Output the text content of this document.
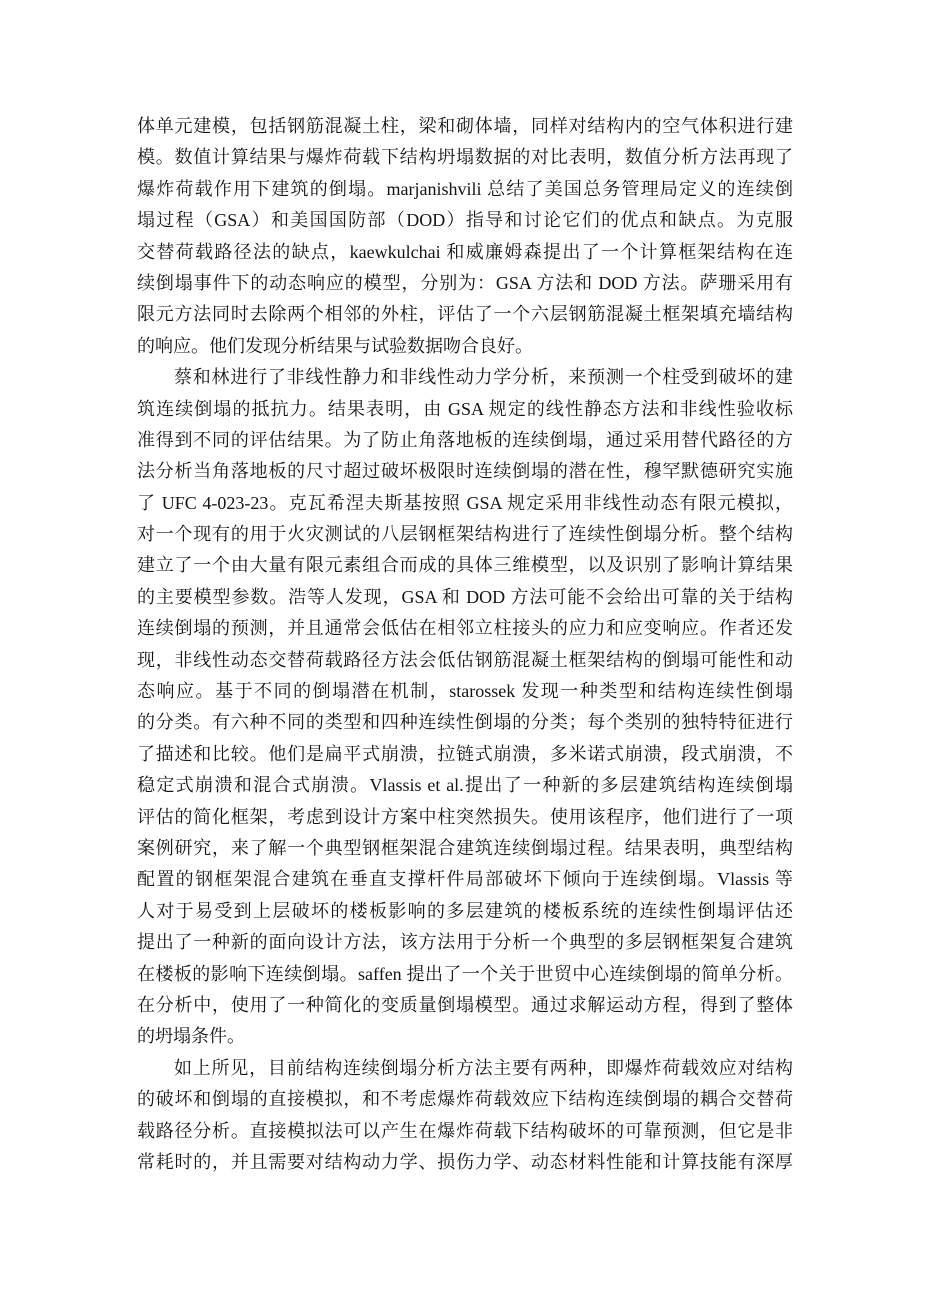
体单元建模，包括钢筋混凝土柱，梁和砌体墙，同样对结构内的空气体积进行建
模。数值计算结果与爆炸荷载下结构坍塌数据的对比表明，数值分析方法再现了
爆炸荷载作用下建筑的倒塌。marjanishvili 总结了美国总务管理局定义的连续倒
塌过程（GSA）和美国国防部（DOD）指导和讨论它们的优点和缺点。为克服
交替荷载路径法的缺点，kaewkulchai 和威廉姆森提出了一个计算框架结构在连
续倒塌事件下的动态响应的模型，分别为：GSA 方法和 DOD 方法。萨珊采用有
限元方法同时去除两个相邻的外柱，评估了一个六层钢筋混凝土框架填充墙结构
的响应。他们发现分析结果与试验数据吻合良好。
蔡和林进行了非线性静力和非线性动力学分析，来预测一个柱受到破坏的建
筑连续倒塌的抵抗力。结果表明，由 GSA 规定的线性静态方法和非线性验收标
准得到不同的评估结果。为了防止角落地板的连续倒塌，通过采用替代路径的方
法分析当角落地板的尺寸超过破坏极限时连续倒塌的潜在性，穆罕默德研究实施
了 UFC 4-023-23。克瓦希涅夫斯基按照 GSA 规定采用非线性动态有限元模拟，
对一个现有的用于火灾测试的八层钢框架结构进行了连续性倒塌分析。整个结构
建立了一个由大量有限元素组合而成的具体三维模型，以及识别了影响计算结果
的主要模型参数。浩等人发现，GSA 和 DOD 方法可能不会给出可靠的关于结构
连续倒塌的预测，并且通常会低估在相邻立柱接头的应力和应变响应。作者还发
现，非线性动态交替荷载路径方法会低估钢筋混凝土框架结构的倒塌可能性和动
态响应。基于不同的倒塌潜在机制，starossek 发现一种类型和结构连续性倒塌
的分类。有六种不同的类型和四种连续性倒塌的分类；每个类别的独特特征进行
了描述和比较。他们是扁平式崩溃，拉链式崩溃，多米诺式崩溃，段式崩溃，不
稳定式崩溃和混合式崩溃。Vlassis et al.提出了一种新的多层建筑结构连续倒塌
评估的简化框架，考虑到设计方案中柱突然损失。使用该程序，他们进行了一项
案例研究，来了解一个典型钢框架混合建筑连续倒塌过程。结果表明，典型结构
配置的钢框架混合建筑在垂直支撑杆件局部破坏下倾向于连续倒塌。Vlassis 等
人对于易受到上层破坏的楼板影响的多层建筑的楼板系统的连续性倒塌评估还
提出了一种新的面向设计方法，该方法用于分析一个典型的多层钢框架复合建筑
在楼板的影响下连续倒塌。saffen 提出了一个关于世贸中心连续倒塌的简单分析。
在分析中，使用了一种简化的变质量倒塌模型。通过求解运动方程，得到了整体
的坍塌条件。
如上所见，目前结构连续倒塌分析方法主要有两种，即爆炸荷载效应对结构
的破坏和倒塌的直接模拟，和不考虑爆炸荷载效应下结构连续倒塌的耦合交替荷
载路径分析。直接模拟法可以产生在爆炸荷载下结构破坏的可靠预测，但它是非
常耗时的，并且需要对结构动力学、损伤力学、动态材料性能和计算技能有深厚
